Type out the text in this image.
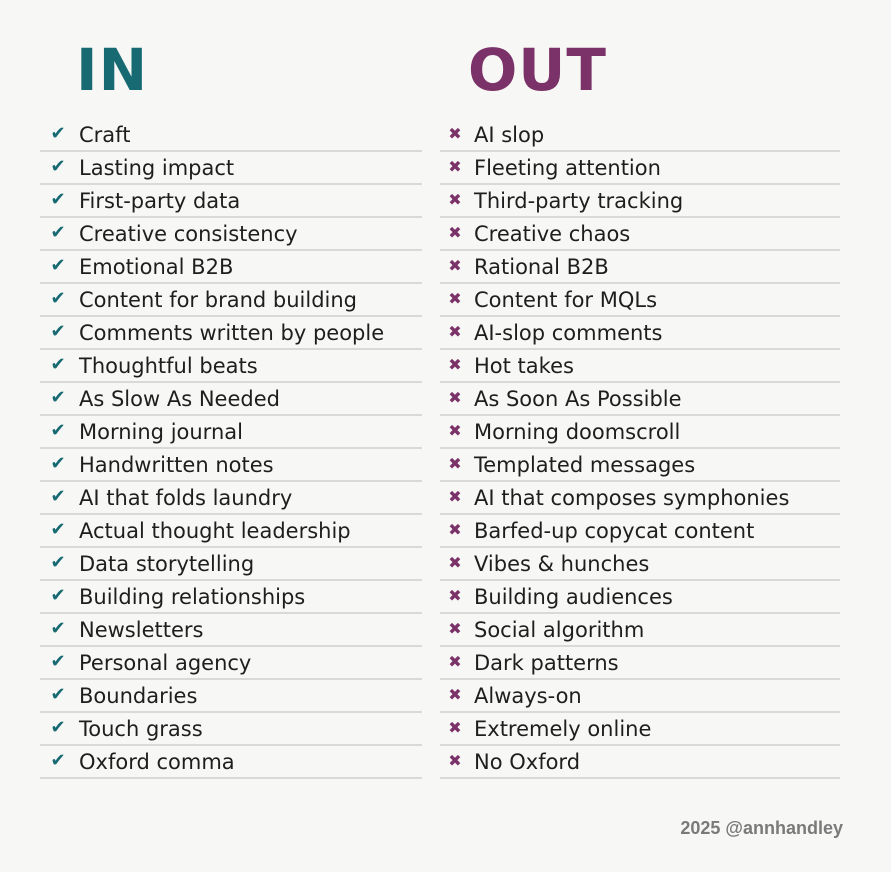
IN	OUT
✔ Craft
✔ Lasting impact
✔ First-party data
✔ Creative consistency
✔ Emotional B2B
✔ Content for brand building
✔ Comments written by people
✔ Thoughtful beats
✔ As Slow As Needed
✔ Morning journal
✔ Handwritten notes
✔ AI that folds laundry
✔ Actual thought leadership
✔ Data storytelling
✔ Building relationships
✔ Newsletters
✔ Personal agency
✔ Boundaries
✔ Touch grass
✔ Oxford comma
✖ AI slop
✖ Fleeting attention
✖ Third-party tracking
✖ Creative chaos
✖ Rational B2B
✖ Content for MQLs
✖ AI-slop comments
✖ Hot takes
✖ As Soon As Possible
✖ Morning doomscroll
✖ Templated messages
✖ AI that composes symphonies
✖ Barfed-up copycat content
✖ Vibes & hunches
✖ Building audiences
✖ Social algorithm
✖ Dark patterns
✖ Always-on
✖ Extremely online
✖ No Oxford
2025 @annhandley
